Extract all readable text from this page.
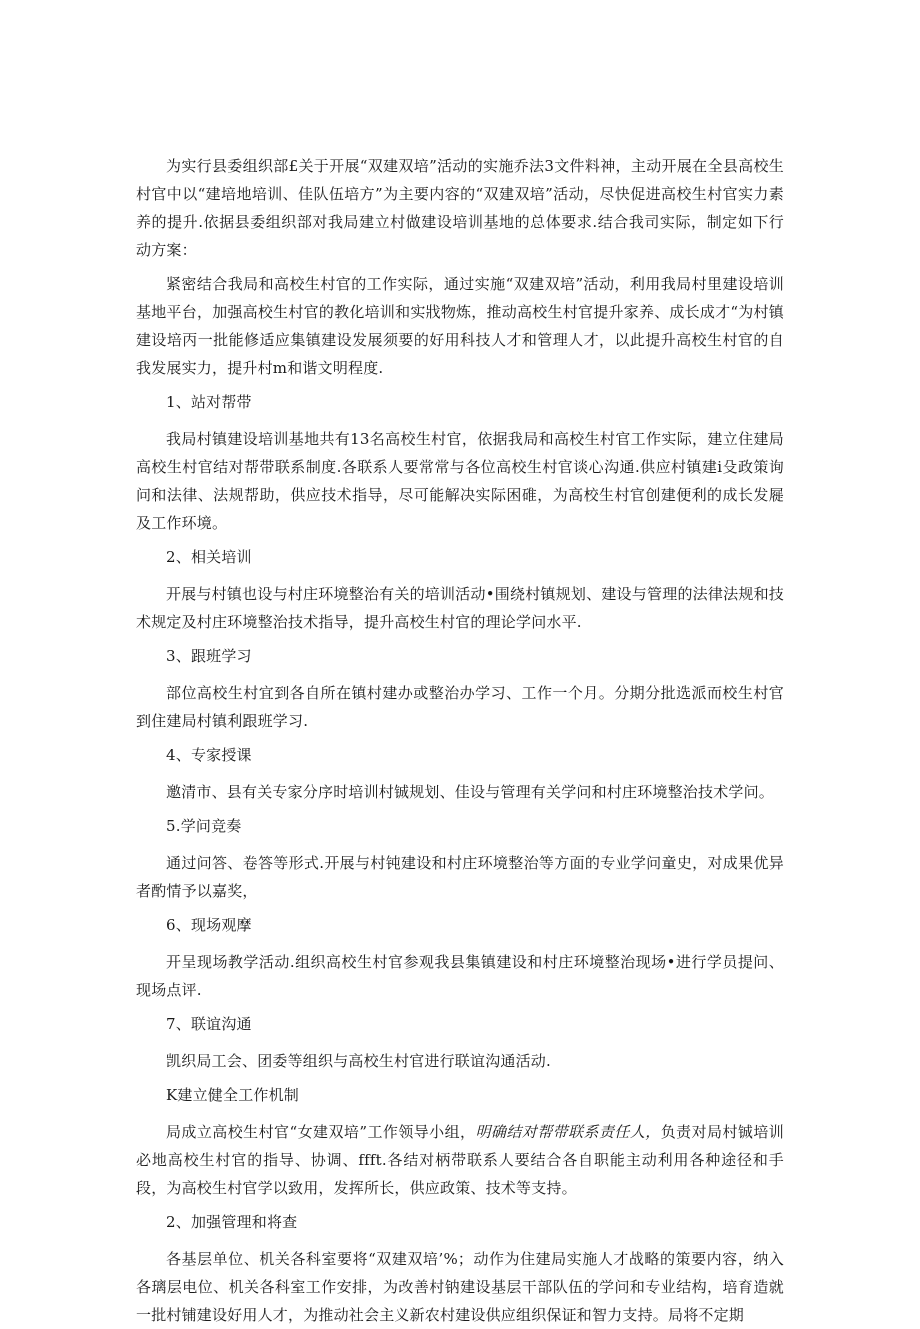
为实行县委组织部£关于开展“双建双培”活动的实施乔法3文件料神，主动开展在全县高校生村官中以“建培地培训、佳队伍培方”为主要内容的“双建双培”活动，尽快促进高校生村官实力素养的提升.依据县委组织部对我局建立村做建设培训基地的总体要求.结合我司实际，制定如下行动方案：

紧密结合我局和高校生村官的工作实际，通过实施“双建双培”活动，利用我局村里建设培训基地平台，加强高校生村官的教化培训和实戕物炼，推动高校生村官提升家养、成长成才“为村镇建设培丙一批能修适应集镇建设发展须要的好用科技人才和管理人才，以此提升高校生村官的自我发展实力，提升村m和谐文明程度.

1、站对帮带

我局村镇建设培训基地共有13名高校生村官，依据我局和高校生村官工作实际，建立住建局高校生村官结对帮带联系制度.各联系人要常常与各位高校生村官谈心沟通.供应村镇建i殳政策询问和法律、法规帮助，供应技术指导，尽可能解决实际困碓，为高校生村官创建便利的成长发屣及工作环境。

2、相关培训

开展与村镇也设与村庄环境整治有关的培训活动•围绕村镇规划、建设与管理的法律法规和技术规定及村庄环境整治技术指导，提升高校生村官的理论学问水平.

3、跟班学习

部位高校生村宜到各自所在镇村建办或整治办学习、工作一个月。分期分批选派而校生村官到住建局村镇利跟班学习.

4、专家授课

邀清市、县有关专家分序时培训村铖规划、佳设与管理有关学问和村庄环境整治技术学问。

5.学问竞奏

通过问答、卷答等形式.开展与村钝建设和村庄环境整治等方面的专业学问童史，对成果优异者酌情予以嘉奖，

6、现场观摩

开呈现场教学活动.组织高校生村官参观我县集镇建设和村庄环境整治现场•进行学员提问、现场点评.

7、联谊沟通

凯织局工会、团委等组织与高校生村官进行联谊沟通活动.

K建立健全工作机制

局成立高校生村官“女建双培”工作领导小组，明确结对帮带联系责任人，负责对局村铖培训必地高校生村官的指导、协调、ffft.各结对柄带联系人要结合各自职能主动利用各种途径和手段，为高校生村官学以致用，发挥所长，供应政策、技术等支持。

2、加强管理和将查

各基层单位、机关各科室要将“双建双培’%；动作为住建局实施人才战略的策要内容，纳入各璃层电位、机关各科室工作安排，为改善村钠建设基层干部队伍的学问和专业结构，培育造就一批村铺建设好用人才，为推动社会主义新农村建设供应组织保证和智力支持。局将不定期
